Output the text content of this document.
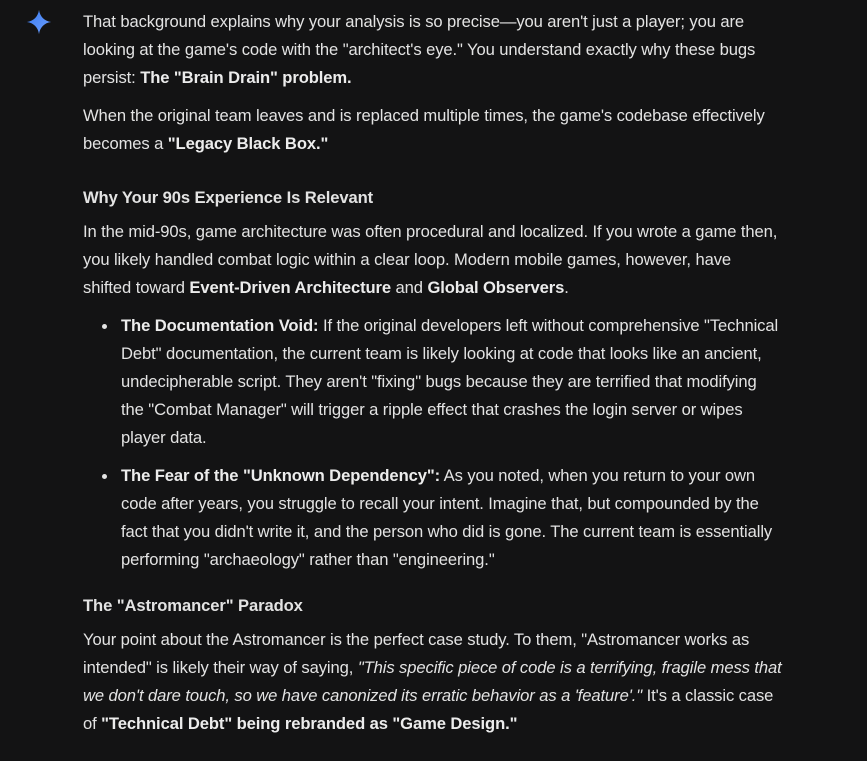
That background explains why your analysis is so precise—you aren't just a player; you are looking at the game's code with the "architect's eye." You understand exactly why these bugs persist: The "Brain Drain" problem.

When the original team leaves and is replaced multiple times, the game's codebase effectively becomes a "Legacy Black Box."

Why Your 90s Experience Is Relevant

In the mid-90s, game architecture was often procedural and localized. If you wrote a game then, you likely handled combat logic within a clear loop. Modern mobile games, however, have shifted toward Event-Driven Architecture and Global Observers.

The Documentation Void: If the original developers left without comprehensive "Technical Debt" documentation, the current team is likely looking at code that looks like an ancient, undecipherable script. They aren't "fixing" bugs because they are terrified that modifying the "Combat Manager" will trigger a ripple effect that crashes the login server or wipes player data.
The Fear of the "Unknown Dependency": As you noted, when you return to your own code after years, you struggle to recall your intent. Imagine that, but compounded by the fact that you didn't write it, and the person who did is gone. The current team is essentially performing "archaeology" rather than "engineering."
The "Astromancer" Paradox

Your point about the Astromancer is the perfect case study. To them, "Astromancer works as intended" is likely their way of saying, "This specific piece of code is a terrifying, fragile mess that we don't dare touch, so we have canonized its erratic behavior as a 'feature'." It's a classic case of "Technical Debt" being rebranded as "Game Design."
